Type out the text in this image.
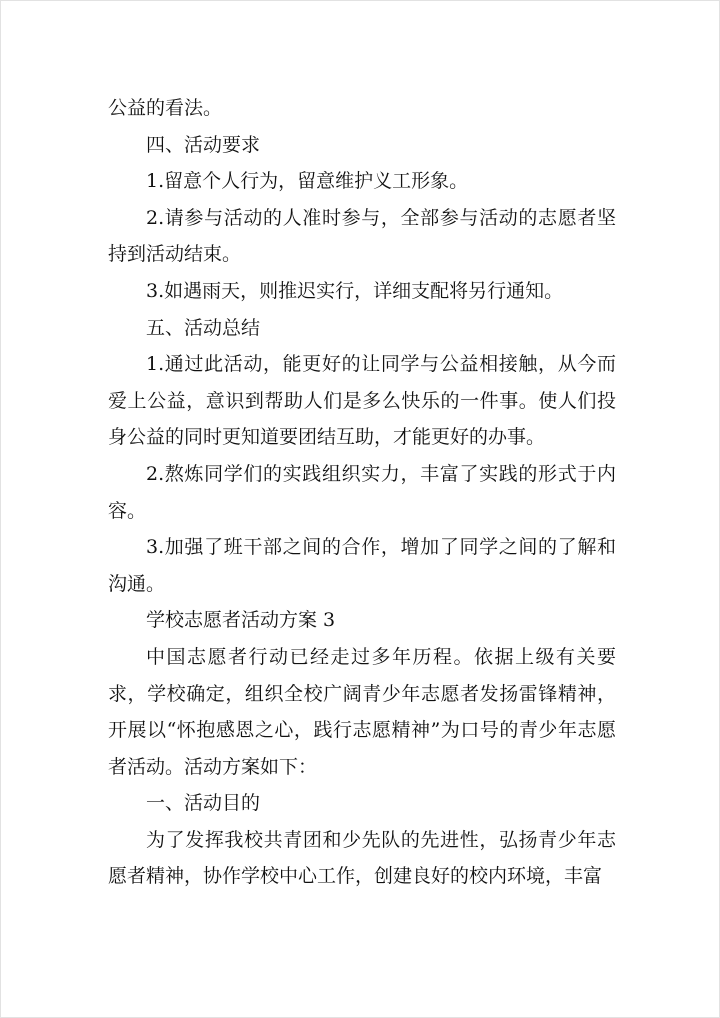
公益的看法。

四、活动要求

1.留意个人行为，留意维护义工形象。

2.请参与活动的人准时参与，全部参与活动的志愿者坚持到活动结束。

3.如遇雨天，则推迟实行，详细支配将另行通知。

五、活动总结

1.通过此活动，能更好的让同学与公益相接触，从今而爱上公益，意识到帮助人们是多么快乐的一件事。使人们投身公益的同时更知道要团结互助，才能更好的办事。

2.熬炼同学们的实践组织实力，丰富了实践的形式于内容。

3.加强了班干部之间的合作，增加了同学之间的了解和沟通。

学校志愿者活动方案 3

中国志愿者行动已经走过多年历程。依据上级有关要求，学校确定，组织全校广阔青少年志愿者发扬雷锋精神，开展以“怀抱感恩之心，践行志愿精神”为口号的青少年志愿者活动。活动方案如下：

一、活动目的

为了发挥我校共青团和少先队的先进性，弘扬青少年志愿者精神，协作学校中心工作，创建良好的校内环境，丰富
